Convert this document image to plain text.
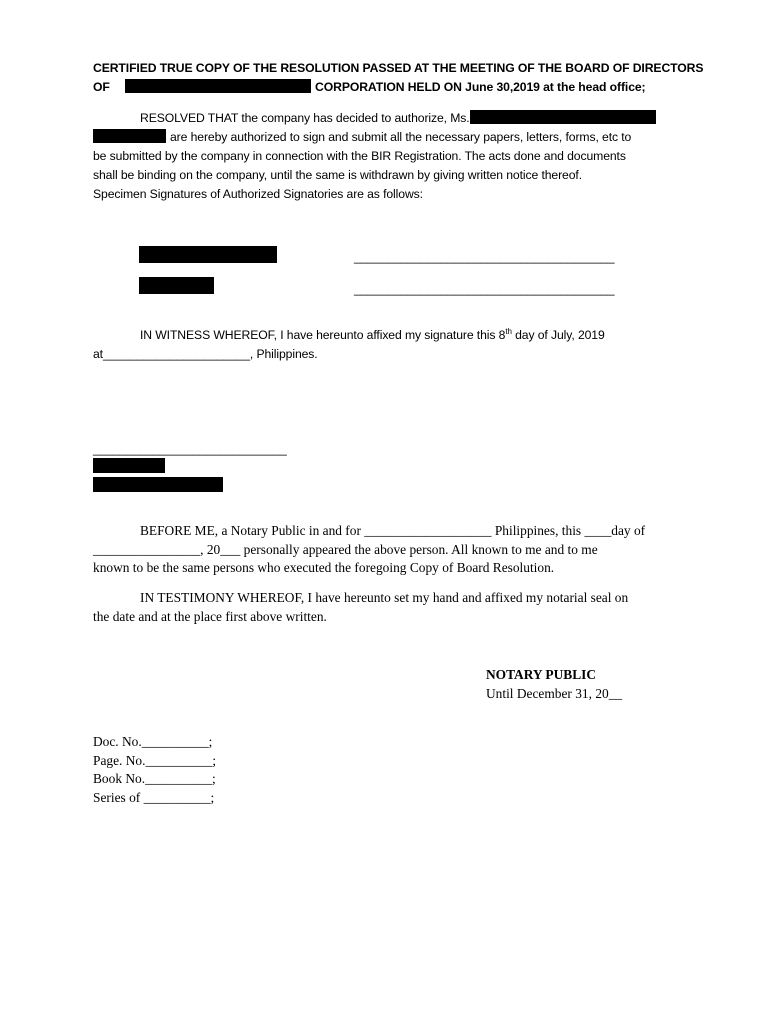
CERTIFIED TRUE COPY OF THE RESOLUTION PASSED AT THE MEETING OF THE BOARD OF DIRECTORS
OF	CORPORATION HELD ON June 30,2019 at the head office;
RESOLVED THAT the company has decided to authorize, Ms.
are hereby authorized to sign and submit all the necessary papers, letters, forms, etc to
be submitted by the company in connection with the BIR Registration. The acts done and documents
shall be binding on the company, until the same is withdrawn by giving written notice thereof.
Specimen Signatures of Authorized Signatories are as follows:
_______________________________________
_______________________________________
IN WITNESS WHEREOF, I have hereunto affixed my signature this 8th day of July, 2019
at______________________, Philippines.
_____________________________
BEFORE ME, a Notary Public in and for ___________________ Philippines, this ____day of
________________, 20___ personally appeared the above person. All known to me and to me
known to be the same persons who executed the foregoing Copy of Board Resolution.
IN TESTIMONY WHEREOF, I have hereunto set my hand and affixed my notarial seal on
the date and at the place first above written.
NOTARY PUBLIC
Until December 31, 20__
Doc. No.__________;
Page. No.__________;
Book No.__________;
Series of __________;
